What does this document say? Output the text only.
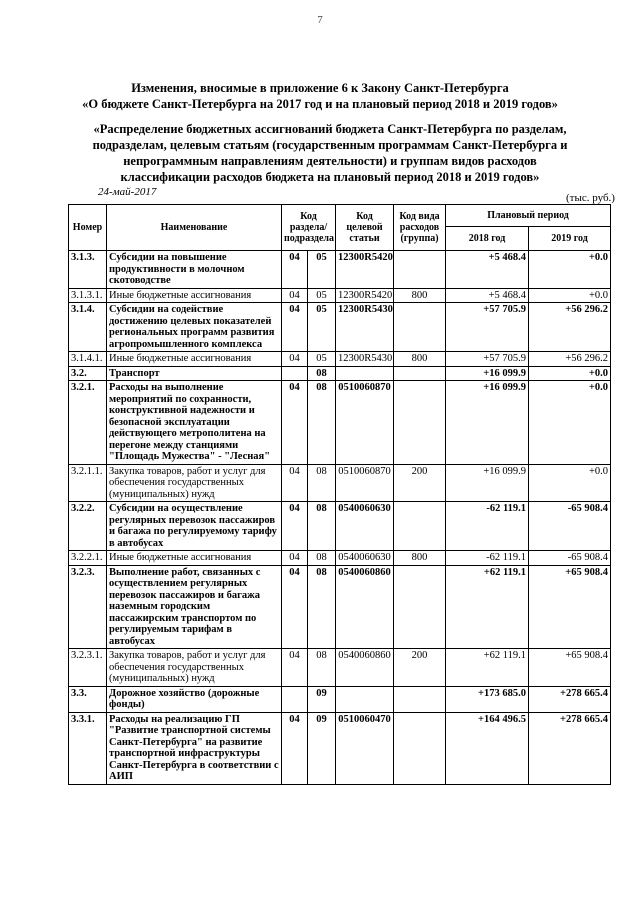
7
Изменения, вносимые в приложение 6 к Закону Санкт-Петербурга
«О бюджете Санкт-Петербурга на 2017 год и на плановый период 2018 и 2019 годов»
«Распределение бюджетных ассигнований бюджета Санкт-Петербурга по разделам,
подразделам, целевым статьям (государственным программам Санкт-Петербурга и
непрограммным направлениям деятельности) и группам видов расходов
классификации расходов бюджета на плановый период 2018 и 2019 годов»
24-май-2017	(тыс. руб.)
Номер	Наименование	Код раздела/ подраздела		Код целевой статьи	Код вида расходов (группа)	Плановый период	
						2018 год	2019 год
3.1.3.	Субсидии на повышение продуктивности в молочном скотоводстве	04	05	12300R5420		+5 468.4	+0.0
3.1.3.1.	Иные бюджетные ассигнования	04	05	12300R5420	800	+5 468.4	+0.0
3.1.4.	Субсидии на содействие достижению целевых показателей региональных программ развития агропромышленного комплекса	04	05	12300R5430		+57 705.9	+56 296.2
3.1.4.1.	Иные бюджетные ассигнования	04	05	12300R5430	800	+57 705.9	+56 296.2
3.2.	Транспорт		08			+16 099.9	+0.0
3.2.1.	Расходы на выполнение мероприятий по сохранности, конструктивной надежности и безопасной эксплуатации действующего метрополитена на перегоне между станциями "Площадь Мужества" - "Лесная"	04	08	0510060870		+16 099.9	+0.0
3.2.1.1.	Закупка товаров, работ и услуг для обеспечения государственных (муниципальных) нужд	04	08	0510060870	200	+16 099.9	+0.0
3.2.2.	Субсидии на осуществление регулярных перевозок пассажиров и багажа по регулируемому тарифу в автобусах	04	08	0540060630		-62 119.1	-65 908.4
3.2.2.1.	Иные бюджетные ассигнования	04	08	0540060630	800	-62 119.1	-65 908.4
3.2.3.	Выполнение работ, связанных с осуществлением регулярных перевозок пассажиров и багажа наземным городским пассажирским транспортом по регулируемым тарифам в автобусах	04	08	0540060860		+62 119.1	+65 908.4
3.2.3.1.	Закупка товаров, работ и услуг для обеспечения государственных (муниципальных) нужд	04	08	0540060860	200	+62 119.1	+65 908.4
3.3.	Дорожное хозяйство (дорожные фонды)		09			+173 685.0	+278 665.4
3.3.1.	Расходы на реализацию ГП "Развитие транспортной системы Санкт-Петербурга" на развитие транспортной инфраструктуры Санкт-Петербурга в соответствии с АИП	04	09	0510060470		+164 496.5	+278 665.4
